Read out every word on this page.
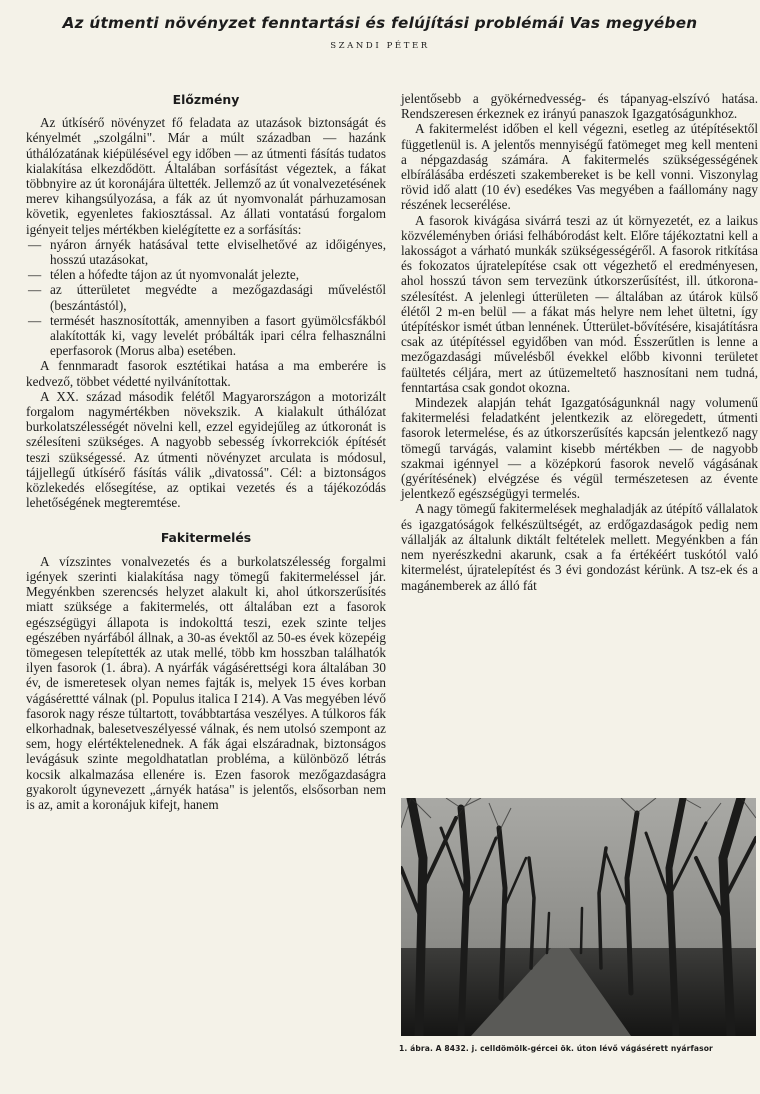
Az útmenti növényzet fenntartási és felújítási problémái Vas megyében
SZANDI PÉTER
Előzmény

Az útkísérő növényzet fő feladata az utazások biztonságát és kényelmét „szolgálni". Már a múlt században — hazánk úthálózatának kiépülésével egy időben — az útmenti fásítás tudatos kialakítása elkezdődött. Általában sorfásítást végeztek, a fákat többnyire az út koronájára ültették. Jellemző az út vonalvezetésének merev kihangsúlyozása, a fák az út nyomvonalát párhuzamosan követik, egyenletes fakiosztással. Az állati vontatású forgalom igényeit teljes mértékben kielégítette ez a sorfásítás:

— nyáron árnyék hatásával tette elviselhetővé az időigényes, hosszú utazásokat,
— télen a hófedte tájon az út nyomvonalát jelezte,
— az útterületet megvédte a mezőgazdasági műveléstől (beszántástól),
— termését hasznosították, amennyiben a fasort gyümölcsfákból alakították ki, vagy levelét próbálták ipari célra felhasználni eperfasorok (Morus alba) esetében.

A fennmaradt fasorok esztétikai hatása a ma emberére is kedvező, többet védetté nyilvánítottak.

A XX. század második felétől Magyarországon a motorizált forgalom nagymértékben növekszik. A kialakult úthálózat burkolatszélességét növelni kell, ezzel egyidejűleg az útkoronát is szélesíteni szükséges. A nagyobb sebesség ívkorrekciók építését teszi szükségessé. Az útmenti növényzet arculata is módosul, tájjellegű útkísérő fásítás válik „divatossá". Cél: a biztonságos közlekedés elősegítése, az optikai vezetés és a tájékozódás lehetőségének megteremtése.

Fakitermelés

A vízszintes vonalvezetés és a burkolatszélesség forgalmi igények szerinti kialakítása nagy tömegű fakitermeléssel jár. Megyénkben szerencsés helyzet alakult ki, ahol útkorszerűsítés miatt szüksége a fakitermelés, ott általában ezt a fasorok egészségügyi állapota is indokolttá teszi, ezek szinte teljes egészében nyárfából állnak, a 30-as évektől az 50-es évek közepéig tömegesen telepítették az utak mellé, több km hosszban találhatók ilyen fasorok (1. ábra). A nyárfák vágásérettségi kora általában 30 év, de ismeretesek olyan nemes fajták is, melyek 15 éves korban vágásérettté válnak (pl. Populus italica I 214). A Vas megyében lévő fasorok nagy része túltartott, továbbtartása veszélyes. A túlkoros fák elkorhadnak, balesetveszélyessé válnak, és nem utolsó szempont az sem, hogy elértéktelenednek. A fák ágai elszáradnak, biztonságos levágásuk szinte megoldhatatlan probléma, a különböző létrás kocsik alkalmazása ellenére is. Ezen fasorok mezőgazdaságra gyakorolt úgynevezett „árnyék hatása" is jelentős, elsősorban nem is az, amit a koronájuk kifejt, hanem

jelentősebb a gyökérnedvesség- és tápanyag-elszívó hatása. Rendszeresen érkeznek ez irányú panaszok Igazgatóságunkhoz.

A fakitermelést időben el kell végezni, esetleg az útépítésektől függetlenül is. A jelentős mennyiségű fatömeget meg kell menteni a népgazdaság számára. A fakitermelés szükségességének elbírálásába erdészeti szakembereket is be kell vonni. Viszonylag rövid idő alatt (10 év) esedékes Vas megyében a faállomány nagy részének lecserélése.

A fasorok kivágása sivárrá teszi az út környezetét, ez a laikus közvéleményben óriási felhábórodást kelt. Előre tájékoztatni kell a lakosságot a várható munkák szükségességéről. A fasorok ritkítása és fokozatos újratelepítése csak ott végezhető el eredményesen, ahol hosszú távon sem tervezünk útkorszerűsítést, ill. útkorona-szélesítést. A jelenlegi útterületen — általában az útárok külső élétől 2 m-en belül — a fákat más helyre nem lehet ültetni, így útépítéskor ismét útban lennének. Útterület-bővítésére, kisajátításra csak az útépítéssel egyidőben van mód. Ésszerűtlen is lenne a mezőgazdasági művelésből évekkel előbb kivonni területet faültetés céljára, mert az útüzemeltető hasznosítani nem tudná, fenntartása csak gondot okozna.

Mindezek alapján tehát Igazgatóságunknál nagy volumenű fakitermelési feladatként jelentkezik az elöregedett, útmenti fasorok letermelése, és az útkorszerűsítés kapcsán jelentkező nagy tömegű tarvágás, valamint kisebb mértékben — de nagyobb szakmai igénnyel — a középkorú fasorok nevelő vágásának (gyérítésének) elvégzése és végül természetesen az évente jelentkező egészségügyi termelés.

A nagy tömegű fakitermelések meghaladják az útépítő vállalatok és igazgatóságok felkészültségét, az erdőgazdaságok pedig nem vállalják az általunk diktált feltételek mellett. Megyénkben a fán nem nyerészkedni akarunk, csak a fa értékéért tuskótól való kitermelést, újratelepítést és 3 évi gondozást kérünk. A tsz-ek és a magánemberek az álló fát

1. ábra. A 8432. j. celldömölk-gércei ök. úton lévő vágásérett nyárfasor
